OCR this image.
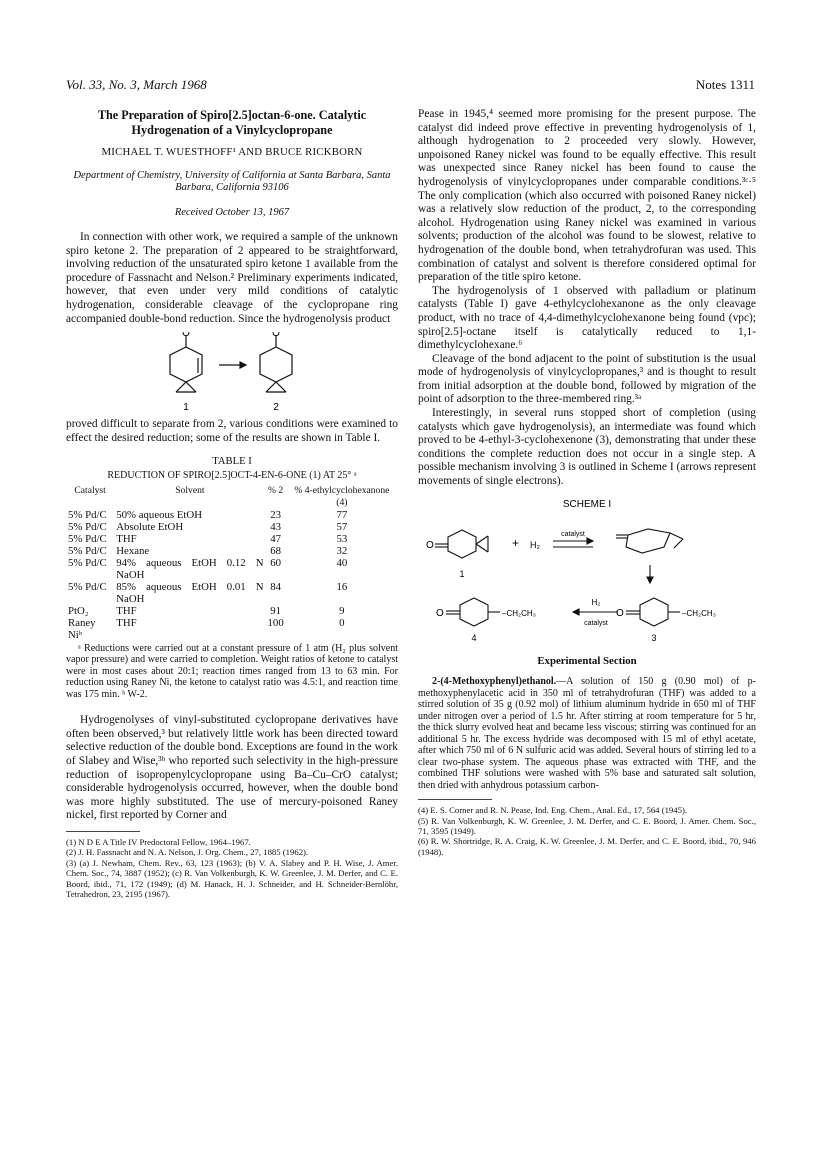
Vol. 33, No. 3, March 1968	Notes 1311
The Preparation of Spiro[2.5]octan-6-one. Catalytic Hydrogenation of a Vinylcyclopropane
MICHAEL T. WUESTHOFF¹ AND BRUCE RICKBORN
Department of Chemistry, University of California at Santa Barbara, Santa Barbara, California 93106
Received October 13, 1967

In connection with other work, we required a sample of the unknown spiro ketone 2. The preparation of 2 appeared to be straightforward, involving reduction of the unsaturated spiro ketone 1 available from the procedure of Fassnacht and Nelson.² Preliminary experiments indicated, however, that even under very mild conditions of catalytic hydrogenation, considerable cleavage of the cyclopropane ring accompanied double-bond reduction. Since the hydrogenolysis product

O	O
1	2

proved difficult to separate from 2, various conditions were examined to effect the desired reduction; some of the results are shown in Table I.

TABLE I
REDUCTION OF SPIRO[2.5]OCT-4-EN-6-ONE (1) AT 25° ᵃ
Catalyst	Solvent	% 2	% 4-ethylcyclohexanone (4)
5% Pd/C	50% aqueous EtOH	23	77
5% Pd/C	Absolute EtOH	43	57
5% Pd/C	THF	47	53
5% Pd/C	Hexane	68	32
5% Pd/C	94% aqueous EtOH 0.12 N NaOH	60	40
5% Pd/C	85% aqueous EtOH 0.01 N NaOH	84	16
PtO₂	THF	91	9
Raney Niᵇ	THF	100	0
ᵃ Reductions were carried out at a constant pressure of 1 atm (H₂ plus solvent vapor pressure) and were carried to completion. Weight ratios of ketone to catalyst were in most cases about 20:1; reaction times ranged from 13 to 63 min. For reduction using Raney Ni, the ketone to catalyst ratio was 4.5:1, and reaction time was 175 min. ᵇ W-2.

Hydrogenolyses of vinyl-substituted cyclopropane derivatives have often been observed,³ but relatively little work has been directed toward selective reduction of the double bond. Exceptions are found in the work of Slabey and Wise,³ᵇ who reported such selectivity in the high-pressure reduction of isopropenylcyclopropane using Ba–Cu–CrO catalyst; considerable hydrogenolysis occurred, however, when the double bond was more highly substituted. The use of mercury-poisoned Raney nickel, first reported by Corner and

(1) N D E A Title IV Predoctoral Fellow, 1964–1967.
(2) J. H. Fassnacht and N. A. Nelson, J. Org. Chem., 27, 1885 (1962).
(3) (a) J. Newham, Chem. Rev., 63, 123 (1963); (b) V. A. Slabey and P. H. Wise, J. Amer. Chem. Soc., 74, 3887 (1952); (c) R. Van Volkenburgh, K. W. Greenlee, J. M. Derfer, and C. E. Boord, ibid., 71, 172 (1949); (d) M. Hanack, H. J. Schneider, and H. Schneider-Bernlöhr, Tetrahedron, 23, 2195 (1967).

Pease in 1945,⁴ seemed more promising for the present purpose. The catalyst did indeed prove effective in preventing hydrogenolysis of 1, although hydrogenation to 2 proceeded very slowly. However, unpoisoned Raney nickel was found to be equally effective. This result was unexpected since Raney nickel has been found to cause the hydrogenolysis of vinylcyclopropanes under comparable conditions.³ᶜ·⁵ The only complication (which also occurred with poisoned Raney nickel) was a relatively slow reduction of the product, 2, to the corresponding alcohol. Hydrogenation using Raney nickel was examined in various solvents; production of the alcohol was found to be slowest, relative to hydrogenation of the double bond, when tetrahydrofuran was used. This combination of catalyst and solvent is therefore considered optimal for preparation of the title spiro ketone.

The hydrogenolysis of 1 observed with palladium or platinum catalysts (Table I) gave 4-ethylcyclohexanone as the only cleavage product, with no trace of 4,4-dimethylcyclohexanone being found (vpc); spiro[2.5]-octane itself is catalytically reduced to 1,1-dimethylcyclohexane.⁶

Cleavage of the bond adjacent to the point of substitution is the usual mode of hydrogenolysis of vinylcyclopropanes,³ and is thought to result from initial adsorption at the double bond, followed by migration of the point of adsorption to the three-membered ring.³ᵃ

Interestingly, in several runs stopped short of completion (using catalysts which gave hydrogenolysis), an intermediate was found which proved to be 4-ethyl-3-cyclohexenone (3), demonstrating that under these conditions the complete reduction does not occur in a single step. A possible mechanism involving 3 is outlined in Scheme I (arrows represent movements of single electrons).

SCHEME I
O	+ H₂
catalyst
1
O	–CH₂CH₃
H₂
catalyst
4
O	–CH₂CH₃
3
Experimental Section
2-(4-Methoxyphenyl)ethanol.—A solution of 150 g (0.90 mol) of p-methoxyphenylacetic acid in 350 ml of tetrahydrofuran (THF) was added to a stirred solution of 35 g (0.92 mol) of lithium aluminum hydride in 650 ml of THF under nitrogen over a period of 1.5 hr. After stirring at room temperature for 5 hr, the thick slurry evolved heat and became less viscous; stirring was continued for an additional 5 hr. The excess hydride was decomposed with 15 ml of ethyl acetate, after which 750 ml of 6 N sulfuric acid was added. Several hours of stirring led to a clear two-phase system. The aqueous phase was extracted with THF, and the combined THF solutions were washed with 5% base and saturated salt solution, then dried with anhydrous potassium carbon-
(4) E. S. Corner and R. N. Pease, Ind. Eng. Chem., Anal. Ed., 17, 564 (1945).
(5) R. Van Volkenburgh, K. W. Greenlee, J. M. Derfer, and C. E. Boord, J. Amer. Chem. Soc., 71, 3595 (1949).
(6) R. W. Shortridge, R. A. Craig, K. W. Greenlee, J. M. Derfer, and C. E. Boord, ibid., 70, 946 (1948).
